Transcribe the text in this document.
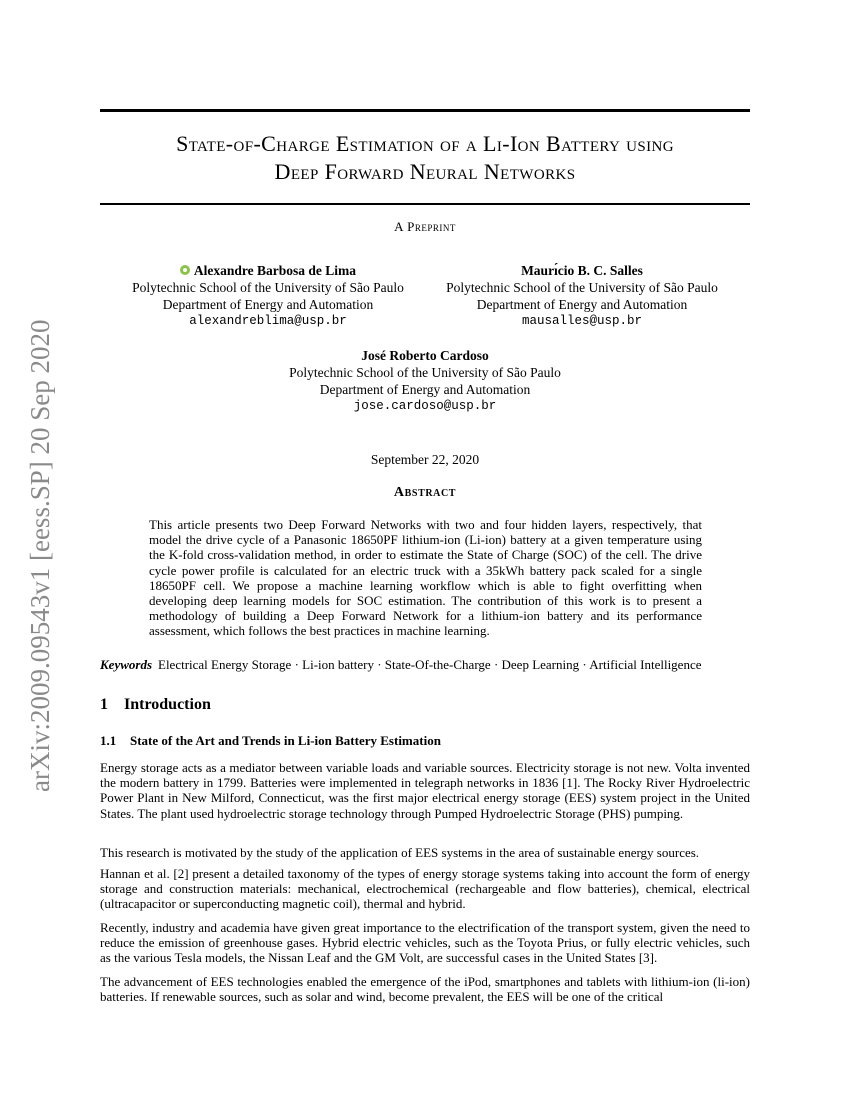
arXiv:2009.09543v1 [eess.SP] 20 Sep 2020
State-of-Charge Estimation of a Li-Ion Battery using
Deep Forward Neural Networks
A Preprint
Alexandre Barbosa de Lima
Polytechnic School of the University of São Paulo
Department of Energy and Automation
alexandreblima@usp.br
Maurı́cio B. C. Salles
Polytechnic School of the University of São Paulo
Department of Energy and Automation
mausalles@usp.br
José Roberto Cardoso
Polytechnic School of the University of São Paulo
Department of Energy and Automation
jose.cardoso@usp.br
September 22, 2020
Abstract
This article presents two Deep Forward Networks with two and four hidden layers, respectively, that model the drive cycle of a Panasonic 18650PF lithium-ion (Li-ion) battery at a given temperature using the K-fold cross-validation method, in order to estimate the State of Charge (SOC) of the cell. The drive cycle power profile is calculated for an electric truck with a 35kWh battery pack scaled for a single 18650PF cell. We propose a machine learning workflow which is able to fight overfitting when developing deep learning models for SOC estimation. The contribution of this work is to present a methodology of building a Deep Forward Network for a lithium-ion battery and its performance assessment, which follows the best practices in machine learning.
Keywords Electrical Energy Storage · Li-ion battery · State-Of-the-Charge · Deep Learning · Artificial Intelligence
1 Introduction
1.1 State of the Art and Trends in Li-ion Battery Estimation
Energy storage acts as a mediator between variable loads and variable sources. Electricity storage is not new. Volta invented the modern battery in 1799. Batteries were implemented in telegraph networks in 1836 [1]. The Rocky River Hydroelectric Power Plant in New Milford, Connecticut, was the first major electrical energy storage (EES) system project in the United States. The plant used hydroelectric storage technology through Pumped Hydroelectric Storage (PHS) pumping.
This research is motivated by the study of the application of EES systems in the area of sustainable energy sources.
Hannan et al. [2] present a detailed taxonomy of the types of energy storage systems taking into account the form of energy storage and construction materials: mechanical, electrochemical (rechargeable and flow batteries), chemical, electrical (ultracapacitor or superconducting magnetic coil), thermal and hybrid.
Recently, industry and academia have given great importance to the electrification of the transport system, given the need to reduce the emission of greenhouse gases. Hybrid electric vehicles, such as the Toyota Prius, or fully electric vehicles, such as the various Tesla models, the Nissan Leaf and the GM Volt, are successful cases in the United States [3].
The advancement of EES technologies enabled the emergence of the iPod, smartphones and tablets with lithium-ion (li-ion) batteries. If renewable sources, such as solar and wind, become prevalent, the EES will be one of the critical
